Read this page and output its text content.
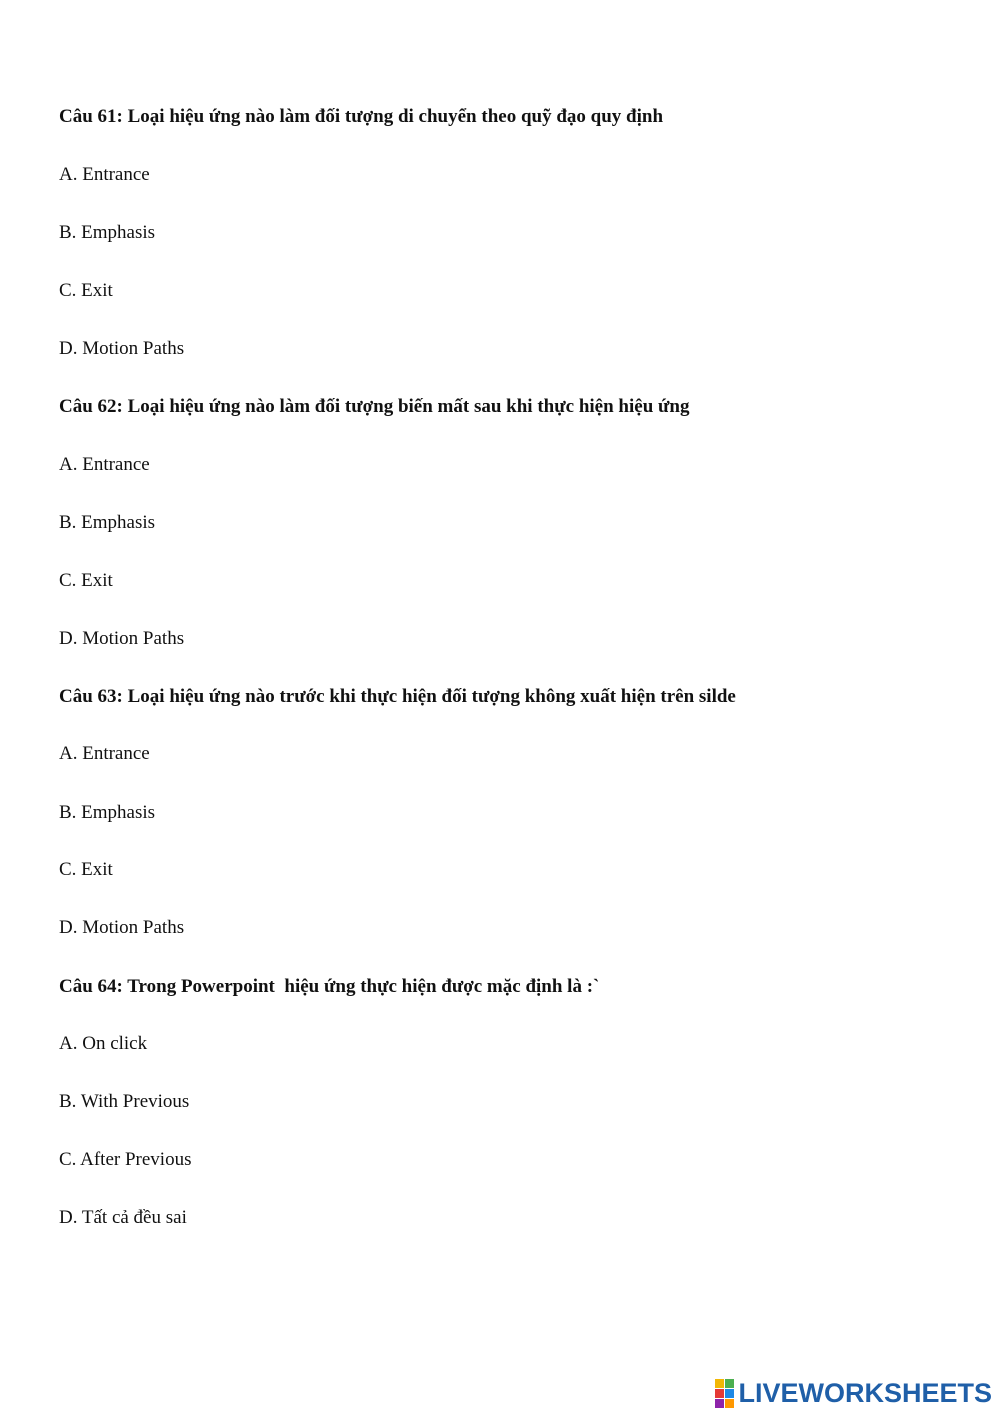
Câu 61: Loại hiệu ứng nào làm đối tượng di chuyển theo quỹ đạo quy định
A. Entrance
B. Emphasis
C. Exit
D. Motion Paths
Câu 62: Loại hiệu ứng nào làm đối tượng biến mất sau khi thực hiện hiệu ứng
A. Entrance
B. Emphasis
C. Exit
D. Motion Paths
Câu 63: Loại hiệu ứng nào trước khi thực hiện đối tượng không xuất hiện trên silde
A. Entrance
B. Emphasis
C. Exit
D. Motion Paths
Câu 64: Trong Powerpoint  hiệu ứng thực hiện được mặc định là :`
A. On click
B. With Previous
C. After Previous
D. Tất cả đều sai
LIVEWORKSHEETS
